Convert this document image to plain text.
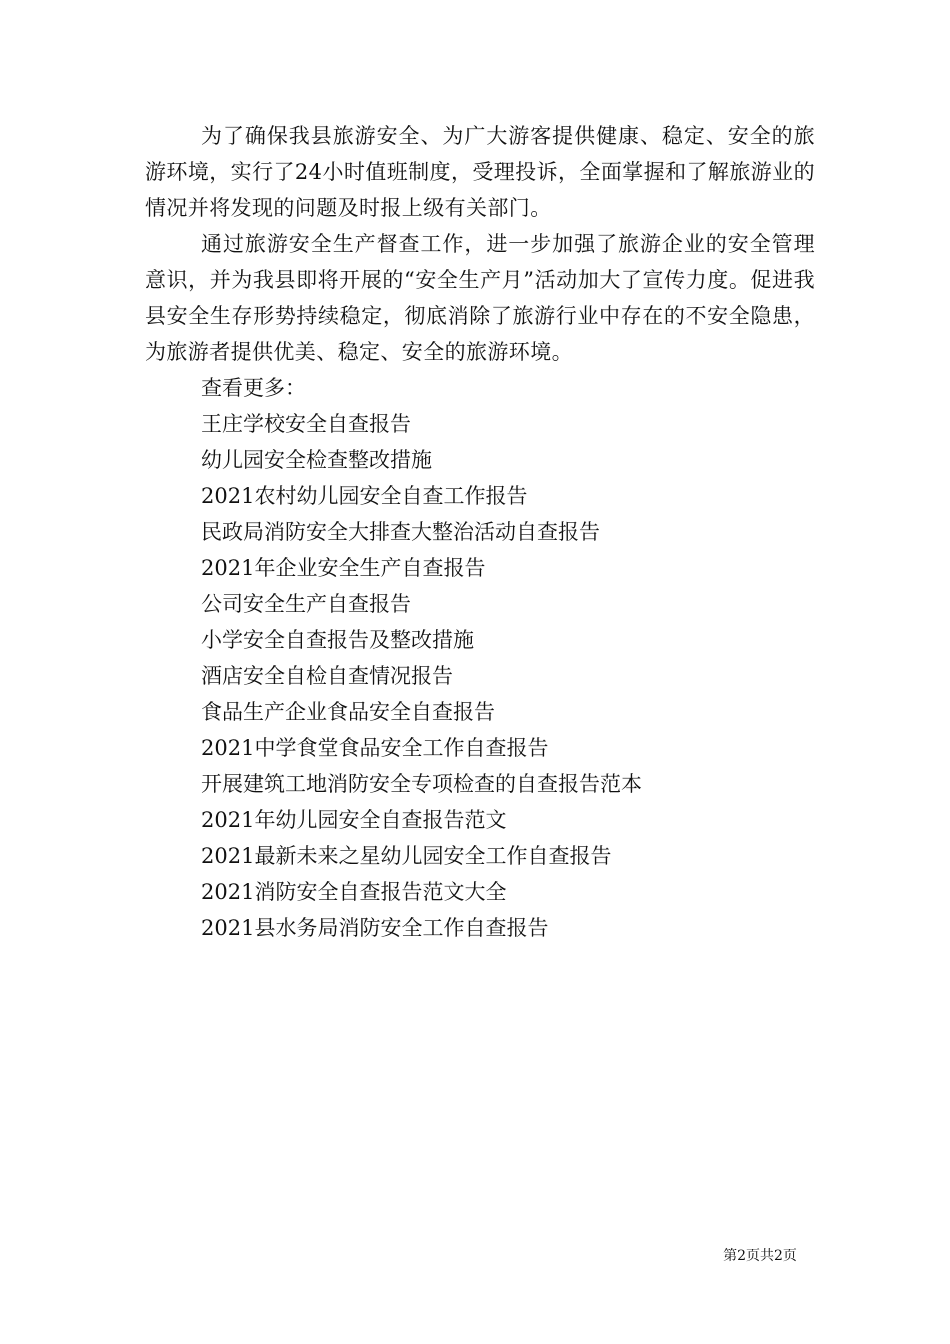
为了确保我县旅游安全、为广大游客提供健康、稳定、安全的旅游环境，实行了24小时值班制度，受理投诉，全面掌握和了解旅游业的情况并将发现的问题及时报上级有关部门。

通过旅游安全生产督查工作，进一步加强了旅游企业的安全管理意识，并为我县即将开展的“安全生产月”活动加大了宣传力度。促进我县安全生存形势持续稳定，彻底消除了旅游行业中存在的不安全隐患，为旅游者提供优美、稳定、安全的旅游环境。

查看更多：

王庄学校安全自查报告
幼儿园安全检查整改措施
2021农村幼儿园安全自查工作报告
民政局消防安全大排查大整治活动自查报告
2021年企业安全生产自查报告
公司安全生产自查报告
小学安全自查报告及整改措施
酒店安全自检自查情况报告
食品生产企业食品安全自查报告
2021中学食堂食品安全工作自查报告
开展建筑工地消防安全专项检查的自查报告范本
2021年幼儿园安全自查报告范文
2021最新未来之星幼儿园安全工作自查报告
2021消防安全自查报告范文大全
2021县水务局消防安全工作自查报告
第2页共2页
